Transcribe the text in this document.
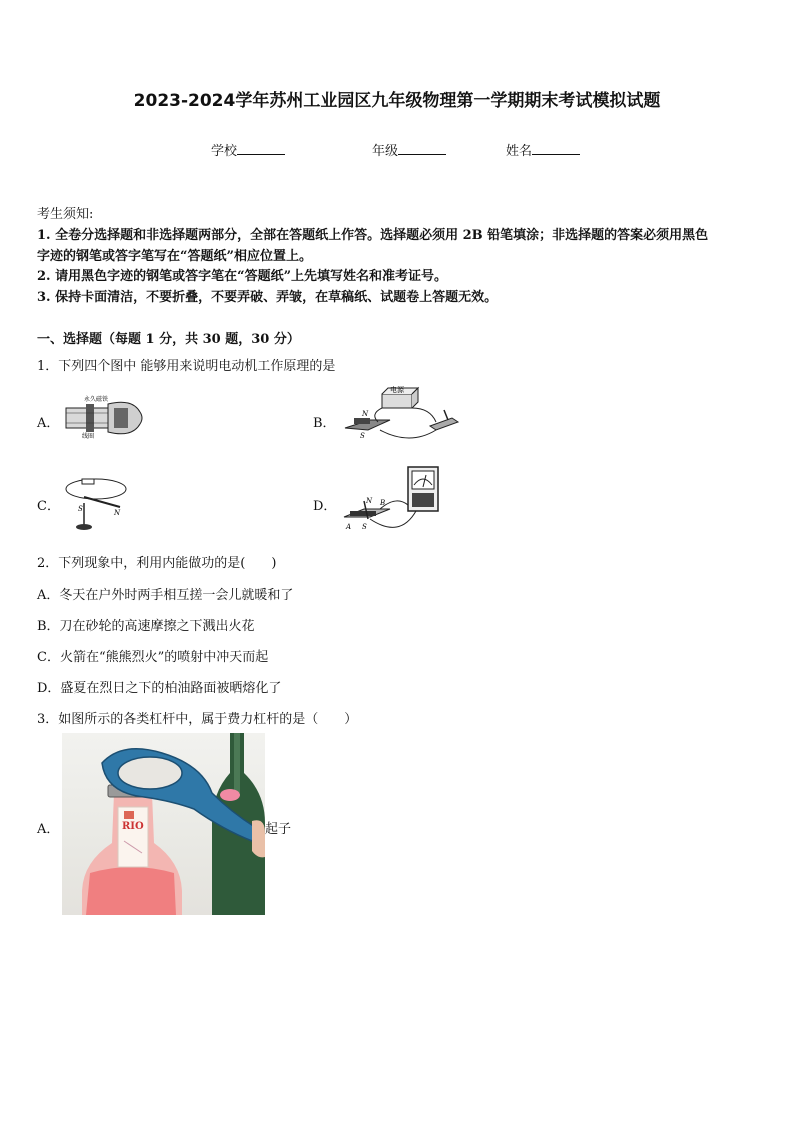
2023-2024学年苏州工业园区九年级物理第一学期期末考试模拟试题
学校	年级	姓名
考生须知:
1. 全卷分选择题和非选择题两部分，全部在答题纸上作答。选择题必须用 2B 铅笔填涂；非选择题的答案必须用黑色
字迹的钢笔或答字笔写在“答题纸”相应位置上。
2. 请用黑色字迹的钢笔或答字笔在“答题纸”上先填写姓名和准考证号。
3. 保持卡面清洁，不要折叠，不要弄破、弄皱，在草稿纸、试题卷上答题无效。
一、选择题（每题 1 分，共 30 题，30 分）
1．下列四个图中 能够用来说明电动机工作原理的是
A．
永久磁铁
线圈
B．
电源
N
S
C．	S	N	D．	N B
A S
2．下列现象中，利用内能做功的是(　　)
A．冬天在户外时两手相互搓一会儿就暖和了
B．刀在砂轮的高速摩擦之下溅出火花
C．火箭在“熊熊烈火”的喷射中冲天而起
D．盛夏在烈日之下的柏油路面被晒熔化了
3．如图所示的各类杠杆中，属于费力杠杆的是（　　）
A．	RIO	起子
